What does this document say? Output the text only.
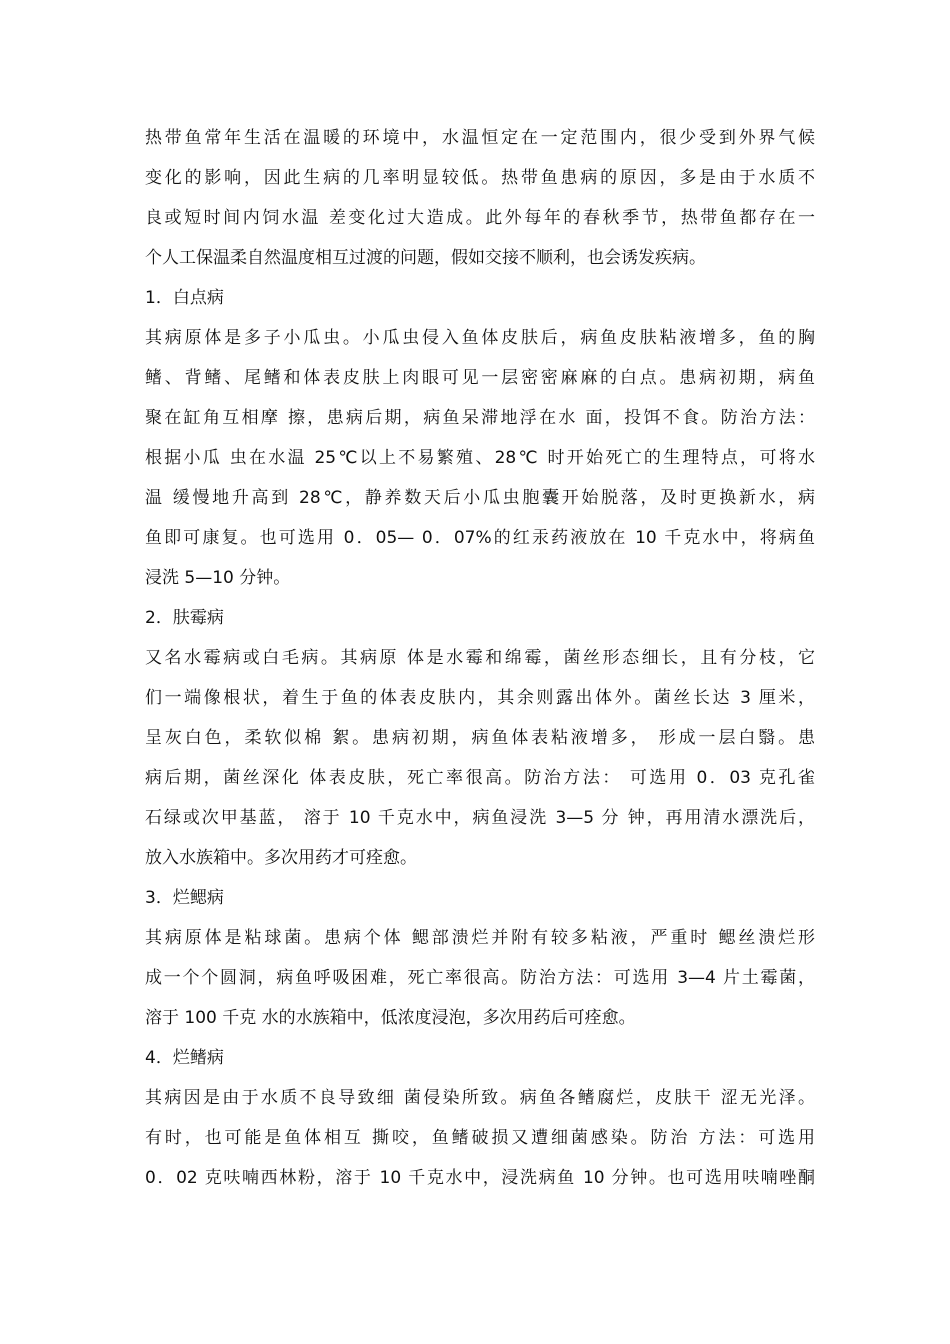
热带鱼常年生活在温暖的环境中，水温恒定在一定范围内，很少受到外界气候
变化的影响，因此生病的几率明显较低。热带鱼患病的原因，多是由于水质不
良或短时间内饲水温 差变化过大造成。此外每年的春秋季节，热带鱼都存在一
个人工保温柔自然温度相互过渡的问题，假如交接不顺利，也会诱发疾病。
1．白点病
其病原体是多子小瓜虫。小瓜虫侵入鱼体皮肤后，病鱼皮肤粘液增多，鱼的胸
鳍、背鳍、尾鳍和体表皮肤上肉眼可见一层密密麻麻的白点。患病初期，病鱼
聚在缸角互相摩 擦，患病后期，病鱼呆滞地浮在水 面，投饵不食。防治方法：
根据小瓜 虫在水温 25℃以上不易繁殖、28℃ 时开始死亡的生理特点，可将水
温 缓慢地升高到 28℃，静养数天后小瓜虫胞囊开始脱落，及时更换新水，病
鱼即可康复。也可选用 0．05— 0．07%的红汞药液放在 10 千克水中，将病鱼
浸洗 5—10 分钟。
2．肤霉病
又名水霉病或白毛病。其病原 体是水霉和绵霉，菌丝形态细长，且有分枝，它
们一端像根状，着生于鱼的体表皮肤内，其余则露出体外。菌丝长达 3 厘米，
呈灰白色，柔软似棉 絮。患病初期，病鱼体表粘液增多， 形成一层白翳。患
病后期，菌丝深化 体表皮肤，死亡率很高。防治方法： 可选用 0．03 克孔雀
石绿或次甲基蓝， 溶于 10 千克水中，病鱼浸洗 3—5 分 钟，再用清水漂洗后，
放入水族箱中。多次用药才可痊愈。
3．烂鳃病
其病原体是粘球菌。患病个体 鳃部溃烂并附有较多粘液，严重时 鳃丝溃烂形
成一个个圆洞，病鱼呼吸困难，死亡率很高。防治方法：可选用 3—4 片土霉菌，
溶于 100 千克 水的水族箱中，低浓度浸泡，多次用药后可痊愈。
4．烂鳍病
其病因是由于水质不良导致细 菌侵染所致。病鱼各鳍腐烂，皮肤干 涩无光泽。
有时，也可能是鱼体相互 撕咬，鱼鳍破损又遭细菌感染。防治 方法：可选用
0．02 克呋喃西林粉，溶于 10 千克水中，浸洗病鱼 10 分钟。也可选用呋喃唑酮
